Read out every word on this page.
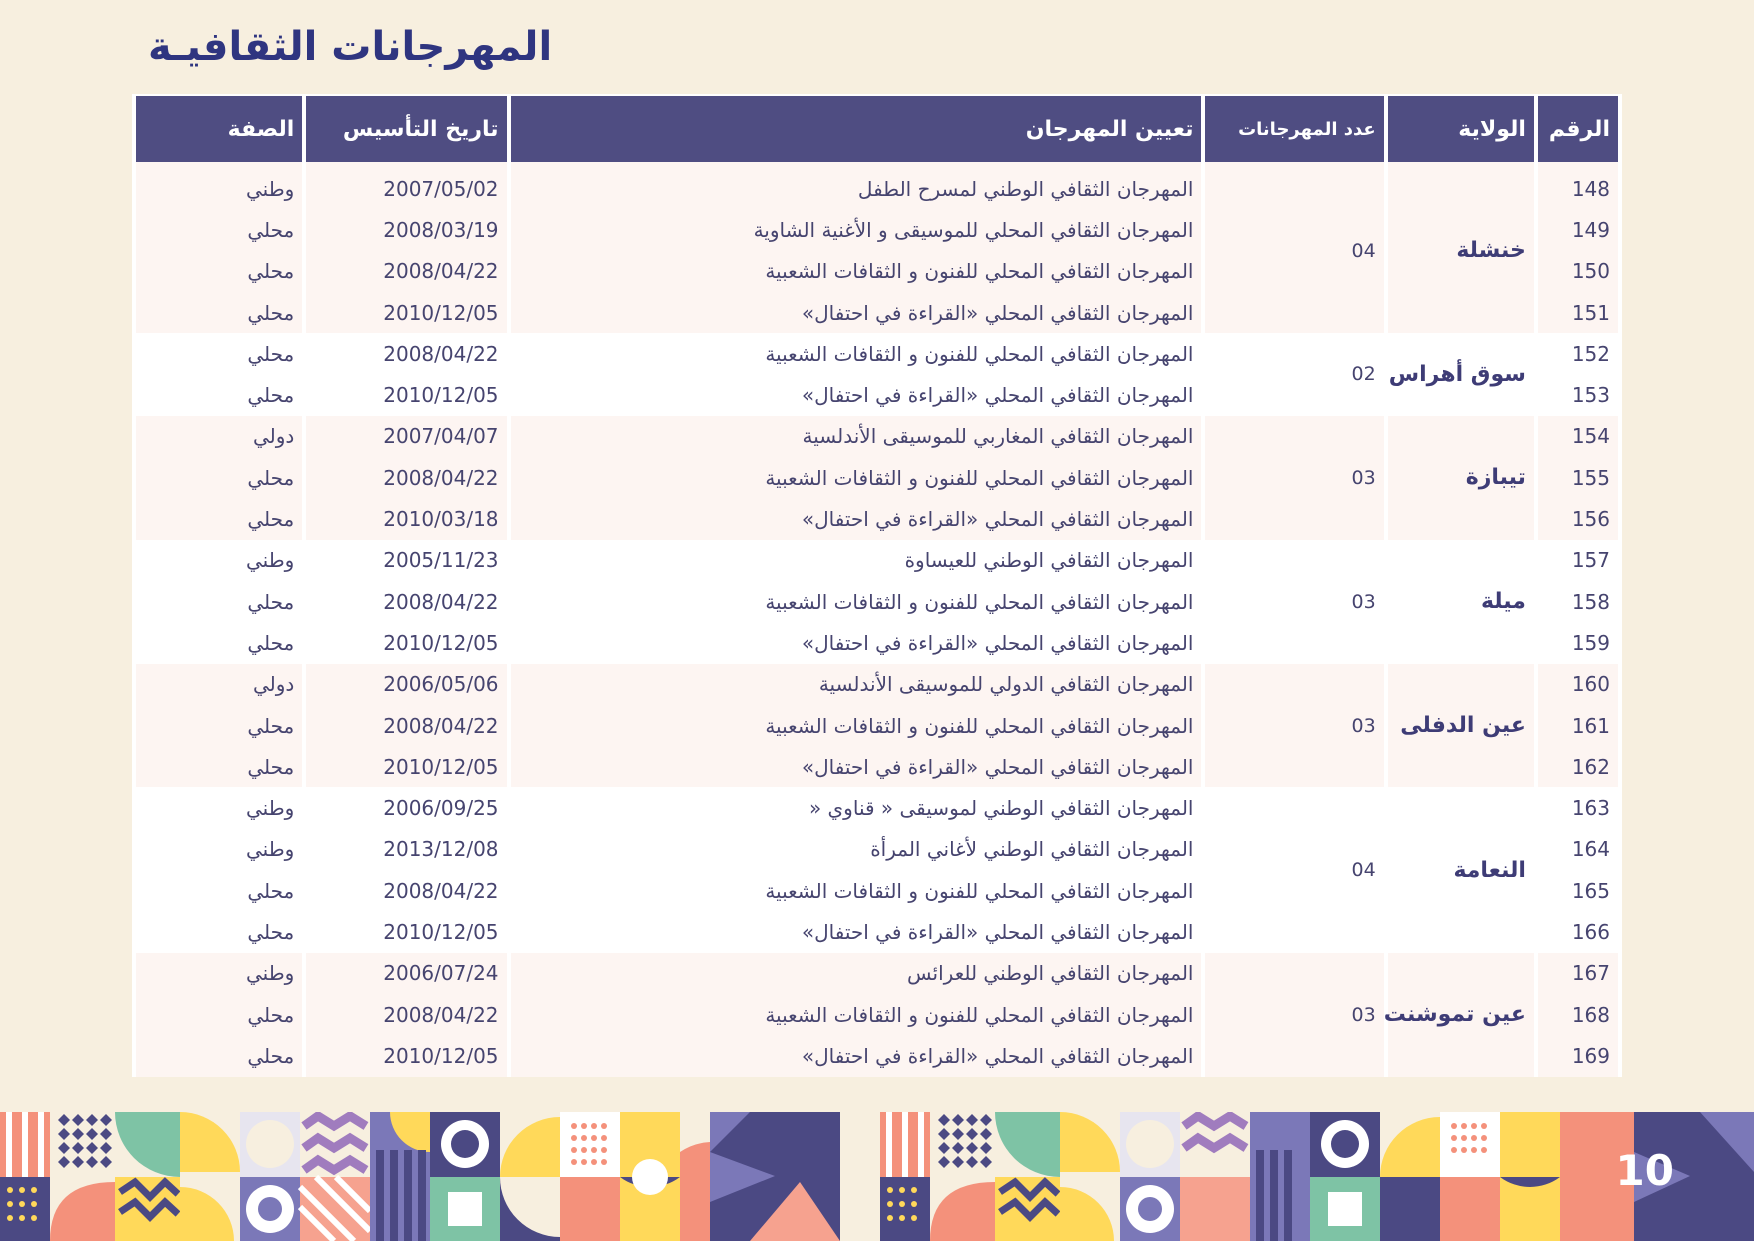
المهرجانات الثقافيـة
الرقم	الولاية	عدد المهرجانات	تعيين المهرجان	تاريخ التأسيس	الصفة
148	خنشلة	04	المهرجان الثقافي الوطني لمسرح الطفل	2007/05/02	وطني
149			المهرجان الثقافي المحلي للموسيقى و الأغنية الشاوية	2008/03/19	محلي
150			المهرجان الثقافي المحلي للفنون و الثقافات الشعبية	2008/04/22	محلي
151			المهرجان الثقافي المحلي «القراءة في احتفال»	2010/12/05	محلي
152	سوق أهراس	02	المهرجان الثقافي المحلي للفنون و الثقافات الشعبية	2008/04/22	محلي
153			المهرجان الثقافي المحلي «القراءة في احتفال»	2010/12/05	محلي
154	تيبازة	03	المهرجان الثقافي المغاربي للموسيقى الأندلسية	2007/04/07	دولي
155			المهرجان الثقافي المحلي للفنون و الثقافات الشعبية	2008/04/22	محلي
156			المهرجان الثقافي المحلي «القراءة في احتفال»	2010/03/18	محلي
157	ميلة	03	المهرجان الثقافي الوطني للعيساوة	2005/11/23	وطني
158			المهرجان الثقافي المحلي للفنون و الثقافات الشعبية	2008/04/22	محلي
159			المهرجان الثقافي المحلي «القراءة في احتفال»	2010/12/05	محلي
160	عين الدفلى	03	المهرجان الثقافي الدولي للموسيقى الأندلسية	2006/05/06	دولي
161			المهرجان الثقافي المحلي للفنون و الثقافات الشعبية	2008/04/22	محلي
162			المهرجان الثقافي المحلي «القراءة في احتفال»	2010/12/05	محلي
163	النعامة	04	المهرجان الثقافي الوطني لموسيقى « قناوي «	2006/09/25	وطني
164			المهرجان الثقافي الوطني لأغاني المرأة	2013/12/08	وطني
165			المهرجان الثقافي المحلي للفنون و الثقافات الشعبية	2008/04/22	محلي
166			المهرجان الثقافي المحلي «القراءة في احتفال»	2010/12/05	محلي
167	عين تموشنت	03	المهرجان الثقافي الوطني للعرائس	2006/07/24	وطني
168			المهرجان الثقافي المحلي للفنون و الثقافات الشعبية	2008/04/22	محلي
169			المهرجان الثقافي المحلي «القراءة في احتفال»	2010/12/05	محلي
10
